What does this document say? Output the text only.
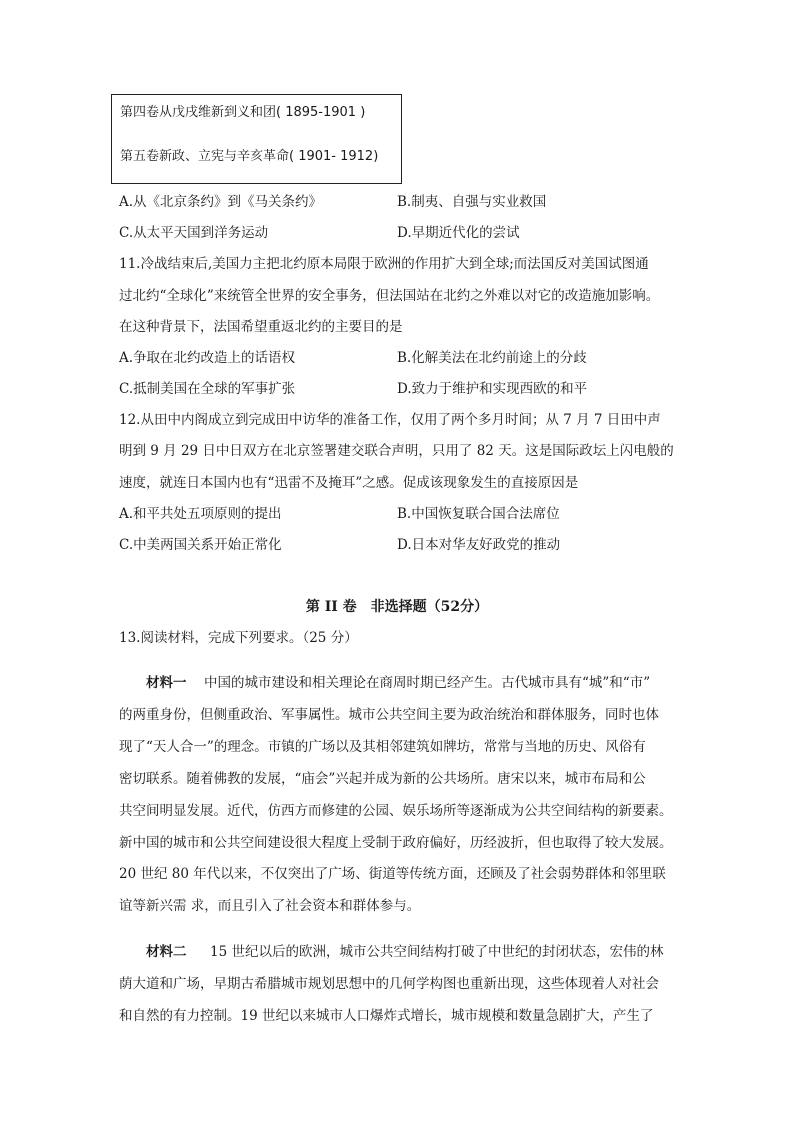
第四卷从戊戌维新到义和团( 1895-1901 )
第五卷新政、立宪与辛亥革命( 1901- 1912)
A.从《北京条约》到《马关条约》	B.制夷、自强与实业救国
C.从太平天国到洋务运动	D.早期近代化的尝试
11.冷战结束后,美国力主把北约原本局限于欧洲的作用扩大到全球;而法国反对美国试图通
过北约“全球化”来统管全世界的安全事务，但法国站在北约之外难以对它的改造施加影响。
在这种背景下，法国希望重返北约的主要目的是
A.争取在北约改造上的话语权	B.化解美法在北约前途上的分歧
C.抵制美国在全球的军事扩张	D.致力于维护和实现西欧的和平
12.从田中内阁成立到完成田中访华的准备工作，仅用了两个多月时间；从 7 月 7 日田中声
明到 9 月 29 日中日双方在北京签署建交联合声明，只用了 82 天。这是国际政坛上闪电般的
速度，就连日本国内也有“迅雷不及掩耳”之感。促成该现象发生的直接原因是
A.和平共处五项原则的提出	B.中国恢复联合国合法席位
C.中美两国关系开始正常化	D.日本对华友好政党的推动
第 II 卷　非选择题（52分）
13.阅读材料，完成下列要求。（25 分）
材料一 中国的城市建设和相关理论在商周时期已经产生。古代城市具有“城”和“市”
的两重身份，但侧重政治、军事属性。城市公共空间主要为政治统治和群体服务，同时也体
现了“天人合一”的理念。市镇的广场以及其相邻建筑如牌坊，常常与当地的历史、风俗有
密切联系。随着佛教的发展，“庙会”兴起并成为新的公共场所。唐宋以来，城市布局和公
共空间明显发展。近代，仿西方而修建的公园、娱乐场所等逐渐成为公共空间结构的新要素。
新中国的城市和公共空间建设很大程度上受制于政府偏好，历经波折，但也取得了较大发展。
20 世纪 80 年代以来，不仅突出了广场、街道等传统方面，还顾及了社会弱势群体和邻里联
谊等新兴需 求，而且引入了社会资本和群体参与。
材料二 15 世纪以后的欧洲，城市公共空间结构打破了中世纪的封闭状态，宏伟的林
荫大道和广场，早期古希腊城市规划思想中的几何学构图也重新出现，这些体现着人对社会
和自然的有力控制。19 世纪以来城市人口爆炸式增长，城市规模和数量急剧扩大，产生了
